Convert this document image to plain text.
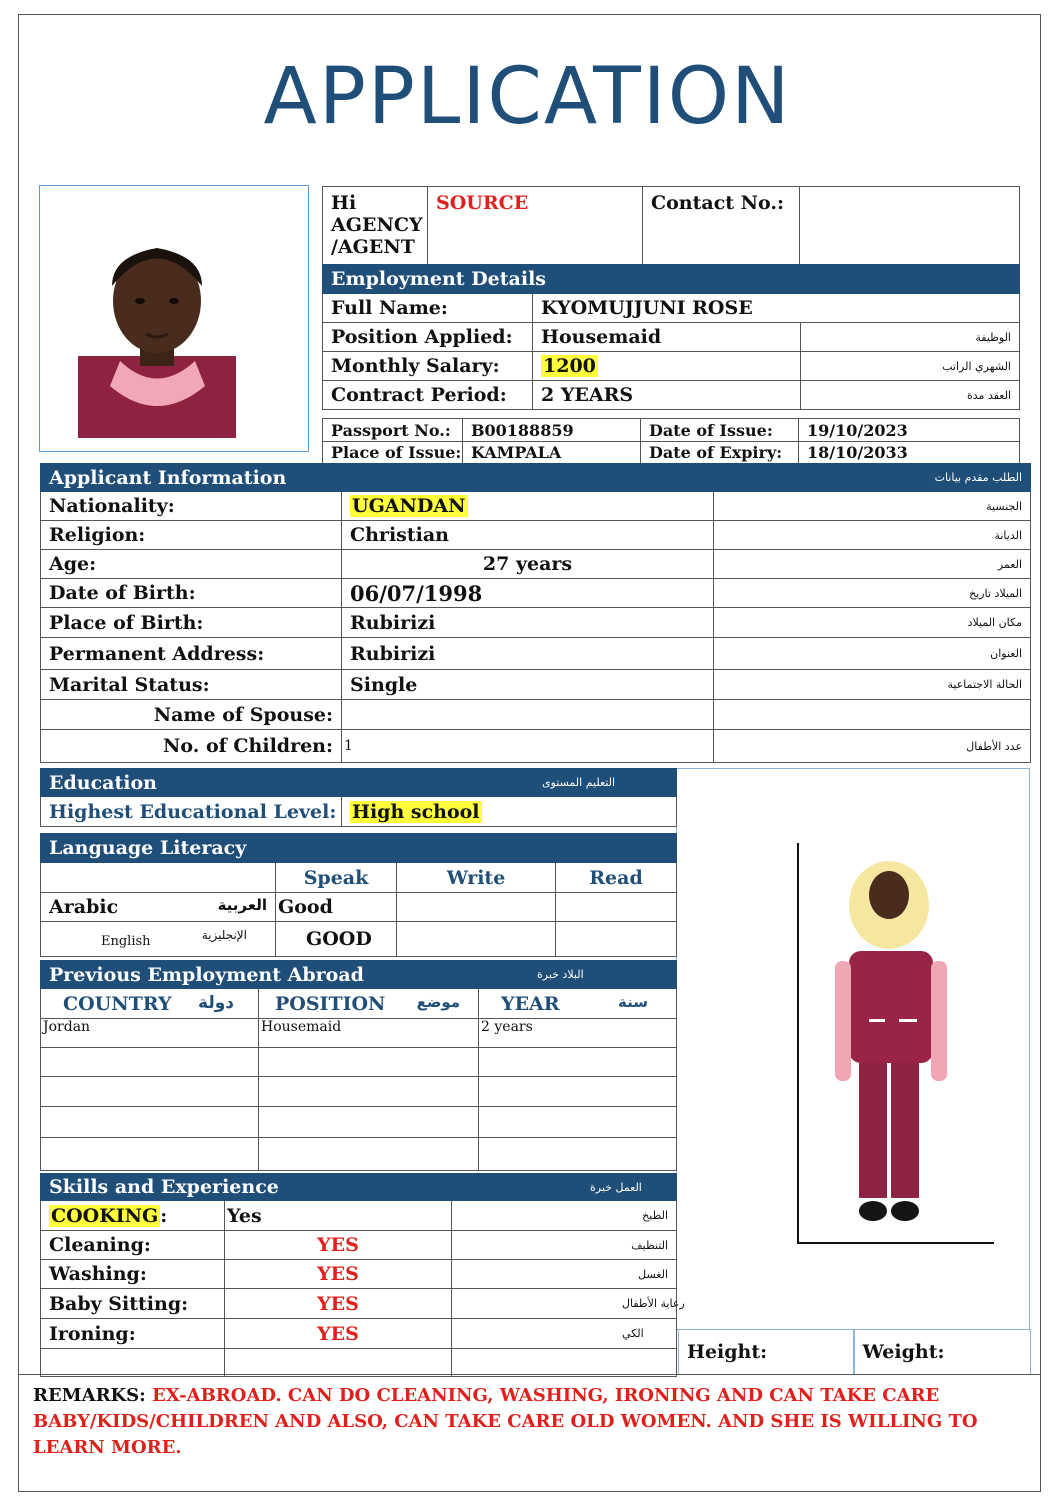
APPLICATION
Hi AGENCY /AGENT	SOURCE	Contact No.:	
Employment Details		
Full Name:	KYOMUJJUNI ROSE	
Position Applied:	Housemaid	الوظيفة
Monthly Salary:	1200	الشهري الراتب
Contract Period:	2 YEARS	العقد مدة
Passport No.:	B00188859	Date of Issue:	19/10/2023
Place of Issue:	KAMPALA	Date of Expiry:	18/10/2033
Applicant Information		الطلب مقدم بيانات
Nationality:	UGANDAN	الجنسية
Religion:	Christian	الديانة
Age:	27 years	العمر
Date of Birth:	06/07/1998	الميلاد تاريخ
Place of Birth:	Rubirizi	مكان الميلاد
Permanent Address:	Rubirizi	العنوان
Marital Status:	Single	الحالة الاجتماعية
Name of Spouse:		
No. of Children:	1	عدد الأطفال
Education	التعليم المستوى
Highest Educational Level:	High school
Language Literacy			
	Speak	Write	Read
Arabic العربية	Good		
English الإنجليزية	GOOD		
Previous Employment Abroad		البلاد خبرة
COUNTRY دولة	POSITION موضع	YEAR سنة

Jordan	Housemaid	2 years

Skills and Experience		العمل خبرة
COOKING :	Yes	الطبخ
Cleaning:	YES	التنظيف
Washing:	YES	الغسل
Baby Sitting:	YES	رعاية الأطفال
Ironing:	YES	الكي

Height:	Weight:
REMARKS: EX-ABROAD. CAN DO CLEANING, WASHING, IRONING AND CAN TAKE CARE
BABY/KIDS/CHILDREN AND ALSO, CAN TAKE CARE OLD WOMEN. AND SHE IS WILLING TO LEARN MORE.
